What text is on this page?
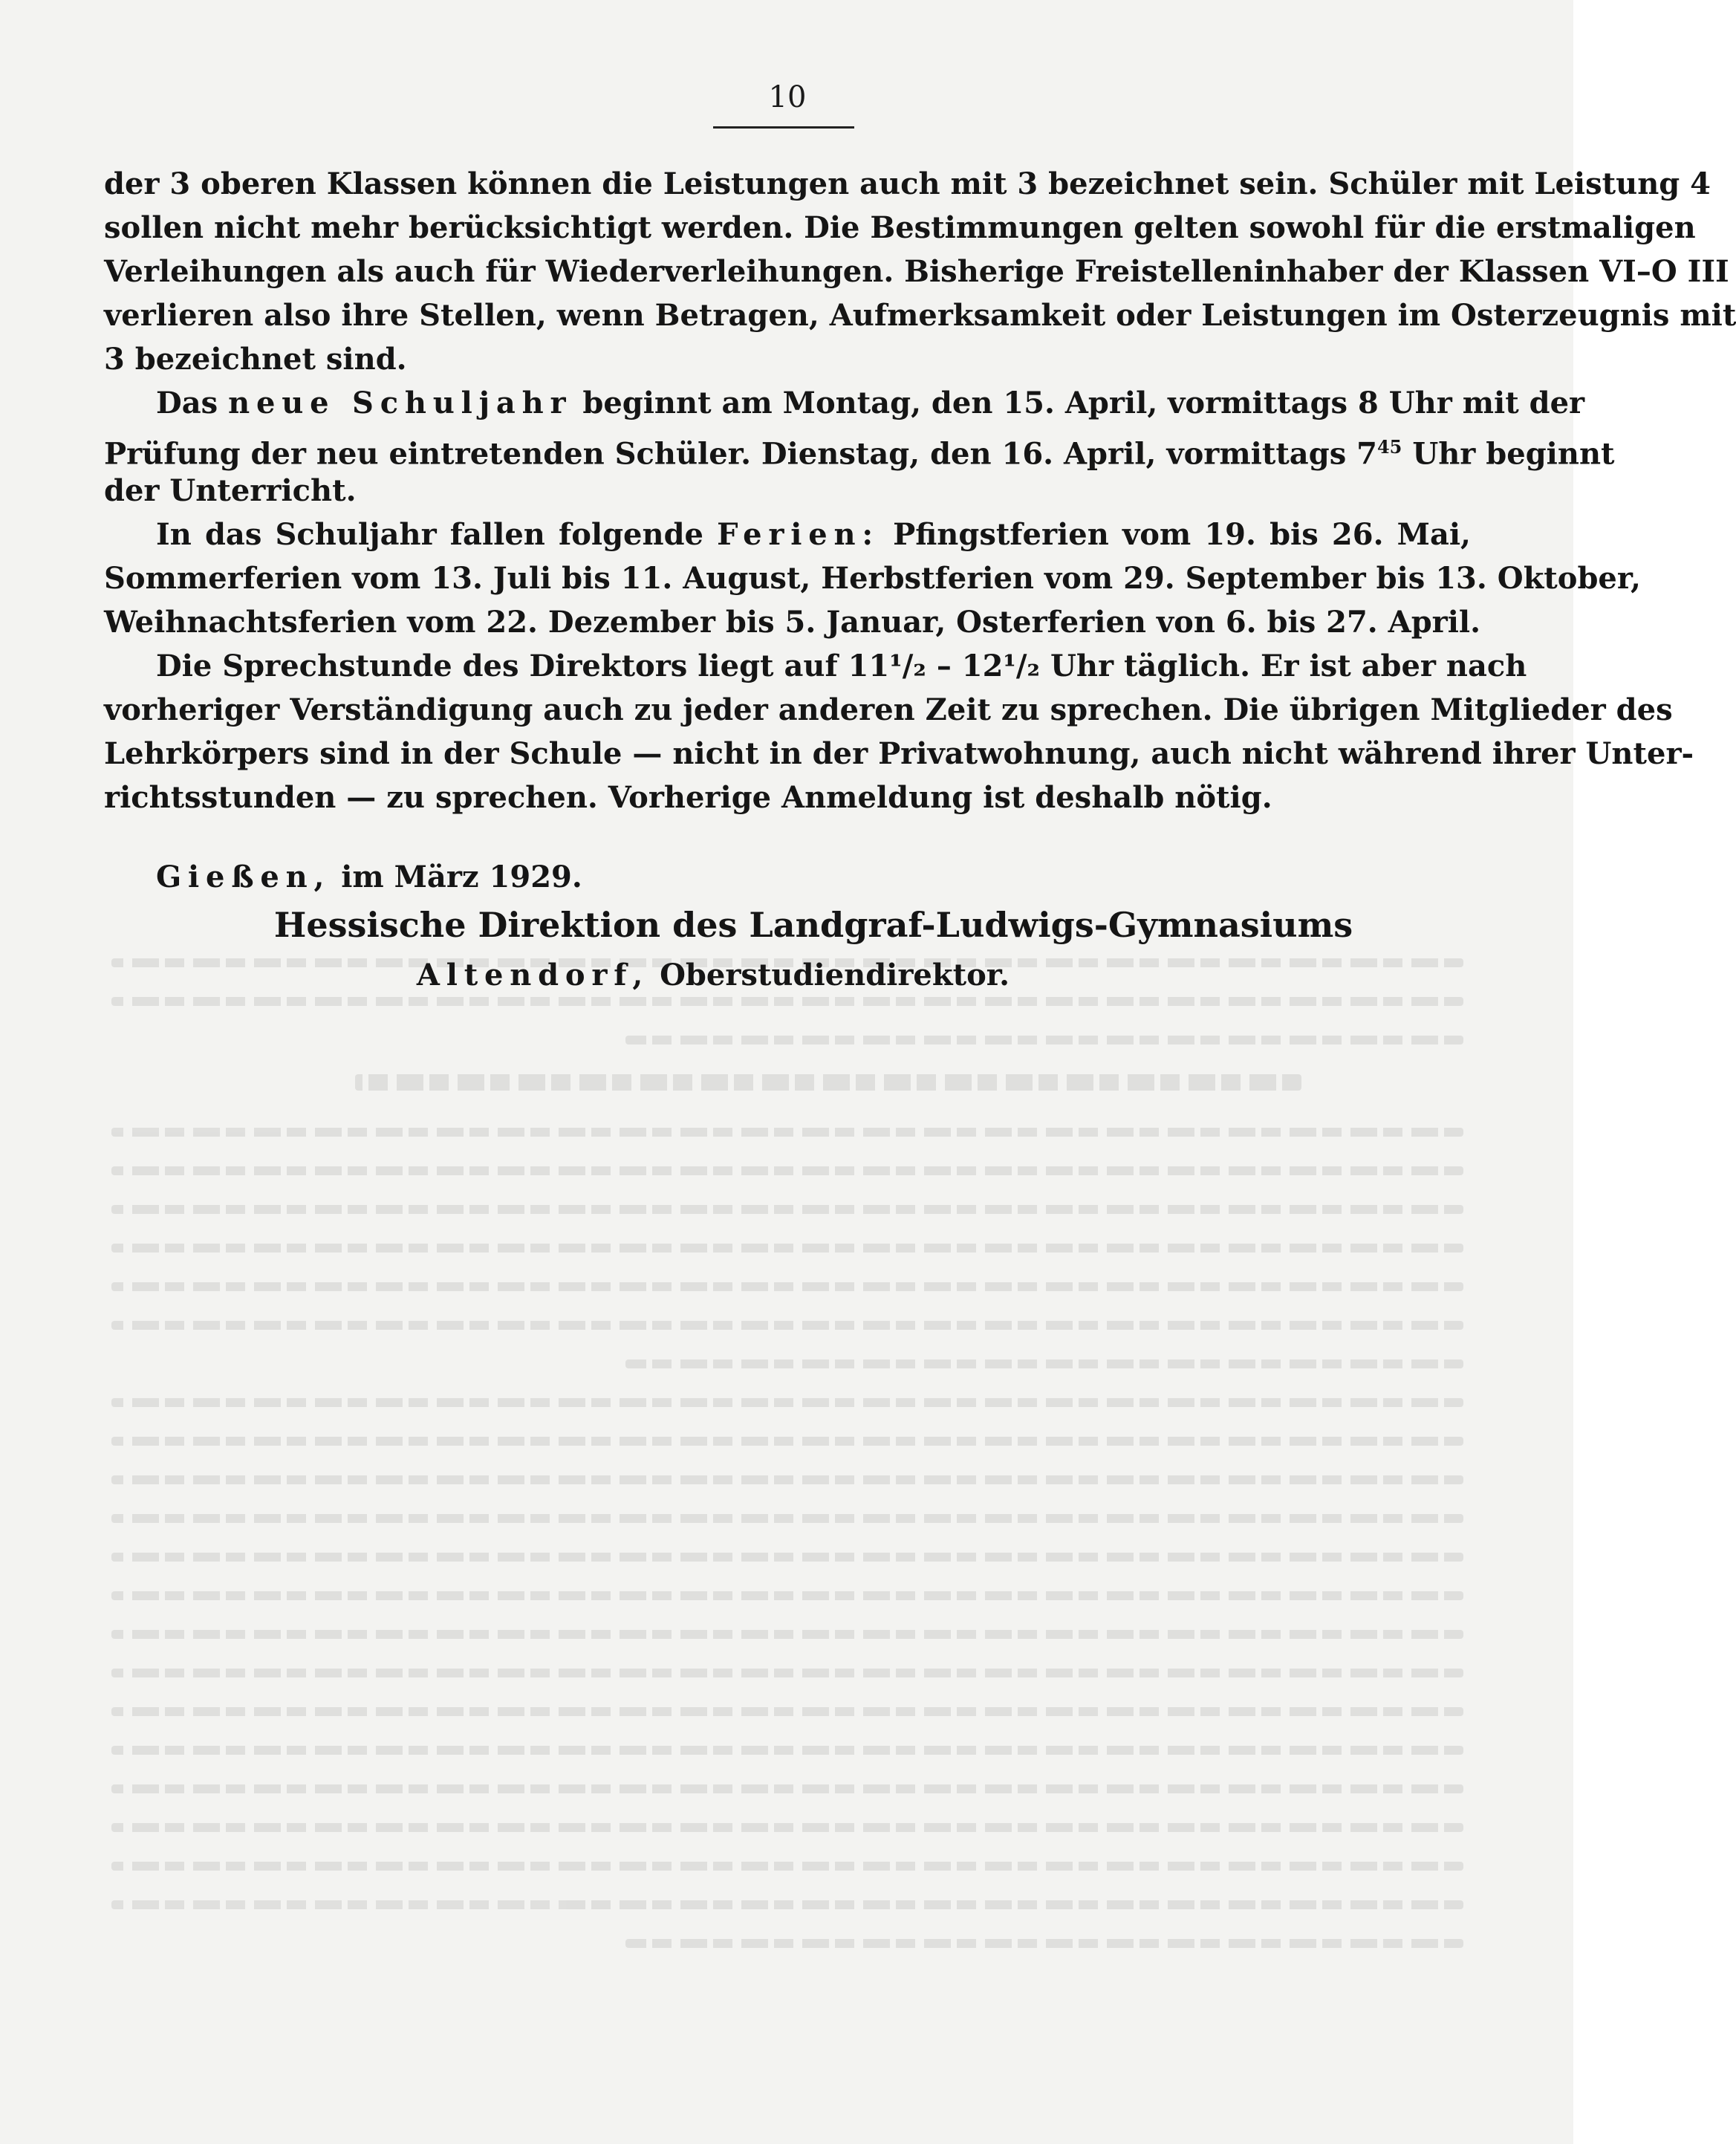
10
der 3 oberen Klassen können die Leistungen auch mit 3 bezeichnet sein. Schüler mit Leistung 4
sollen nicht mehr berücksichtigt werden. Die Bestimmungen gelten sowohl für die erstmaligen
Verleihungen als auch für Wiederverleihungen. Bisherige Freistelleninhaber der Klassen VI–O III
verlieren also ihre Stellen, wenn Betragen, Aufmerksamkeit oder Leistungen im Osterzeugnis mit
3 bezeichnet sind.
Das neue Schuljahr beginnt am Montag, den 15. April, vormittags 8 Uhr mit der
Prüfung der neu eintretenden Schüler. Dienstag, den 16. April, vormittags $7^{45}$ Uhr beginnt
der Unterricht.
In das Schuljahr fallen folgende Ferien: Pfingstferien vom 19. bis 26. Mai,
Sommerferien vom 13. Juli bis 11. August, Herbstferien vom 29. September bis 13. Oktober,
Weihnachtsferien vom 22. Dezember bis 5. Januar, Osterferien von 6. bis 27. April.
Die Sprechstunde des Direktors liegt auf 11¹/₂ – 12¹/₂ Uhr täglich. Er ist aber nach
vorheriger Verständigung auch zu jeder anderen Zeit zu sprechen. Die übrigen Mitglieder des
Lehrkörpers sind in der Schule — nicht in der Privatwohnung, auch nicht während ihrer Unter-
richtsstunden — zu sprechen. Vorherige Anmeldung ist deshalb nötig.
Gießen, im März 1929.
Hessische Direktion des Landgraf-Ludwigs-Gymnasiums
Altendorf, Oberstudiendirektor.
